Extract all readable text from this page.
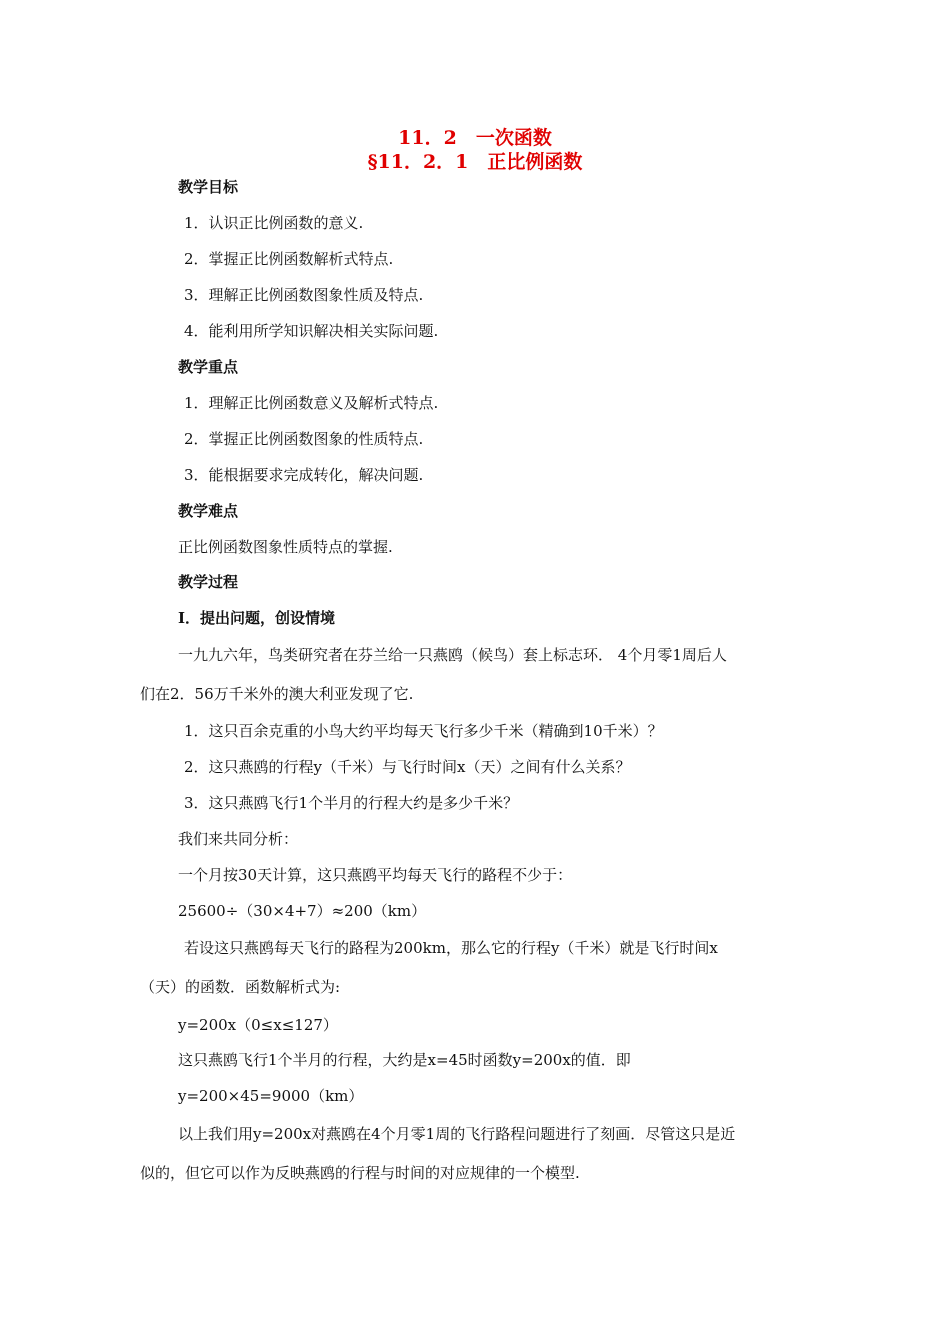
11．2　一次函数
§11．2．1　正比例函数
教学目标
1．认识正比例函数的意义.
2．掌握正比例函数解析式特点.
3．理解正比例函数图象性质及特点.
4．能利用所学知识解决相关实际问题.
教学重点
1．理解正比例函数意义及解析式特点.
2．掌握正比例函数图象的性质特点.
3．能根据要求完成转化，解决问题.
教学难点
正比例函数图象性质特点的掌握.
教学过程
Ⅰ．提出问题，创设情境
一九九六年，鸟类研究者在芬兰给一只燕鸥（候鸟）套上标志环． 4个月零1周后人
们在2．56万千米外的澳大利亚发现了它.
1．这只百余克重的小鸟大约平均每天飞行多少千米（精确到10千米）？
2．这只燕鸥的行程y（千米）与飞行时间x（天）之间有什么关系？
3．这只燕鸥飞行1个半月的行程大约是多少千米？
我们来共同分析：
一个月按30天计算，这只燕鸥平均每天飞行的路程不少于：
25600÷（30×4+7）≈200（km）
若设这只燕鸥每天飞行的路程为200km，那么它的行程y（千米）就是飞行时间x
（天）的函数．函数解析式为:
y=200x（0≤x≤127）
这只燕鸥飞行1个半月的行程，大约是x=45时函数y=200x的值．即
y=200×45=9000（km）
以上我们用y=200x对燕鸥在4个月零1周的飞行路程问题进行了刻画．尽管这只是近
似的，但它可以作为反映燕鸥的行程与时间的对应规律的一个模型.
